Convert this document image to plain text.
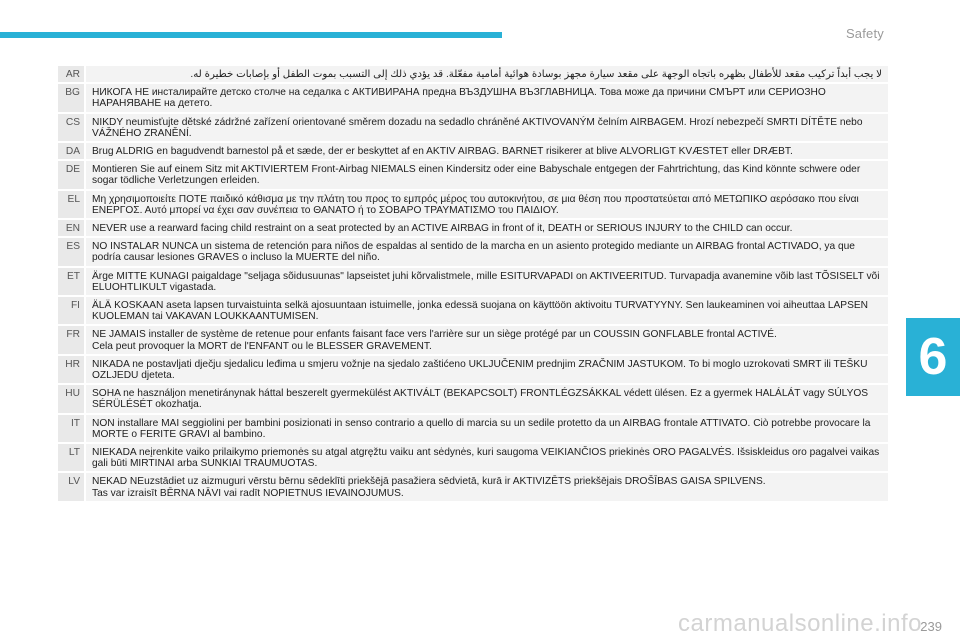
Safety
6
AR	لا يجب أبداً تركيب مقعد للأطفال بظهره باتجاه الوجهة على مقعد سيارة مجهز بوسادة هوائية أمامية مفعّلة. قد يؤدي ذلك إلى التسبب بموت الطفل أو بإصابات خطيرة له.
BG	НИКОГА НЕ инсталирайте детско столче на седалка с АКТИВИРАНА предна ВЪЗДУШНА ВЪЗГЛАВНИЦА. Това може да причини СМЪРТ или СЕРИОЗНО НАРАНЯВАНЕ на детето.
CS	NIKDY neumisťujte dětské zádržné zařízení orientované směrem dozadu na sedadlo chráněné AKTIVOVANÝM čelním AIRBAGEM. Hrozí nebezpečí SMRTI DÍTĚTE nebo VÁŽNÉHO ZRANĚNÍ.
DA	Brug ALDRIG en bagudvendt barnestol på et sæde, der er beskyttet af en AKTIV AIRBAG. BARNET risikerer at blive ALVORLIGT KVÆSTET eller DRÆBT.
DE	Montieren Sie auf einem Sitz mit AKTIVIERTEM Front-Airbag NIEMALS einen Kindersitz oder eine Babyschale entgegen der Fahrtrichtung, das Kind könnte schwere oder sogar tödliche Verletzungen erleiden.
EL	Μη χρησιμοποιείτε ΠΟΤΕ παιδικό κάθισμα με την πλάτη του προς το εμπρός μέρος του αυτοκινήτου, σε μια θέση που προστατεύεται από ΜΕΤΩΠΙΚΟ αερόσακο που είναι ΕΝΕΡΓΟΣ. Αυτό μπορεί να έχει σαν συνέπεια το ΘΑΝΑΤΟ ή το ΣΟΒΑΡΟ ΤΡΑΥΜΑΤΙΣΜΟ του ΠΑΙΔΙΟΥ.
EN	NEVER use a rearward facing child restraint on a seat protected by an ACTIVE AIRBAG in front of it, DEATH or SERIOUS INJURY to the CHILD can occur.
ES	NO INSTALAR NUNCA un sistema de retención para niños de espaldas al sentido de la marcha en un asiento protegido mediante un AIRBAG frontal ACTIVADO, ya que podría causar lesiones GRAVES o incluso la MUERTE del niño.
ET	Ärge MITTE KUNAGI paigaldage "seljaga sõidusuunas" lapseistet juhi kõrvalistmele, mille ESITURVAPADI on AKTIVEERITUD. Turvapadja avanemine võib last TÕSISELT või ELUOHTLIKULT vigastada.
FI	ÄLÄ KOSKAAN aseta lapsen turvaistuinta selkä ajosuuntaan istuimelle, jonka edessä suojana on käyttöön aktivoitu TURVATYYNY. Sen laukeaminen voi aiheuttaa LAPSEN KUOLEMAN tai VAKAVAN LOUKKAANTUMISEN.
FR	NE JAMAIS installer de système de retenue pour enfants faisant face vers l'arrière sur un siège protégé par un COUSSIN GONFLABLE frontal ACTIVÉ.
Cela peut provoquer la MORT de l'ENFANT ou le BLESSER GRAVEMENT.
HR	NIKADA ne postavljati dječju sjedalicu leđima u smjeru vožnje na sjedalo zaštićeno UKLJUČENIM prednjim ZRAČNIM JASTUKOM. To bi moglo uzrokovati SMRT ili TEŠKU OZLJEDU djeteta.
HU	SOHA ne használjon menetiránynak háttal beszerelt gyermekülést AKTIVÁLT (BEKAPCSOLT) FRONTLÉGZSÁKKAL védett ülésen. Ez a gyermek HALÁLÁT vagy SÚLYOS SÉRÜLÉSÉT okozhatja.
IT	NON installare MAI seggiolini per bambini posizionati in senso contrario a quello di marcia su un sedile protetto da un AIRBAG frontale ATTIVATO. Ciò potrebbe provocare la MORTE o FERITE GRAVI al bambino.
LT	NIEKADA neįrenkite vaiko prilaikymo priemonės su atgal atgręžtu vaiku ant sėdynės, kuri saugoma VEIKIANČIOS priekinės ORO PAGALVĖS. Išsiskleidus oro pagalvei vaikas gali būti MIRTINAI arba SUNKIAI TRAUMUOTAS.
LV	NEKAD NEuzstādiet uz aizmuguri vērstu bērnu sēdeklīti priekšējā pasažiera sēdvietā, kurā ir AKTIVIZĒTS priekšējais DROŠĪBAS GAISA SPILVENS.
Tas var izraisīt BĒRNA NĀVI vai radīt NOPIETNUS IEVAINOJUMUS.
carmanualsonline.info
239
